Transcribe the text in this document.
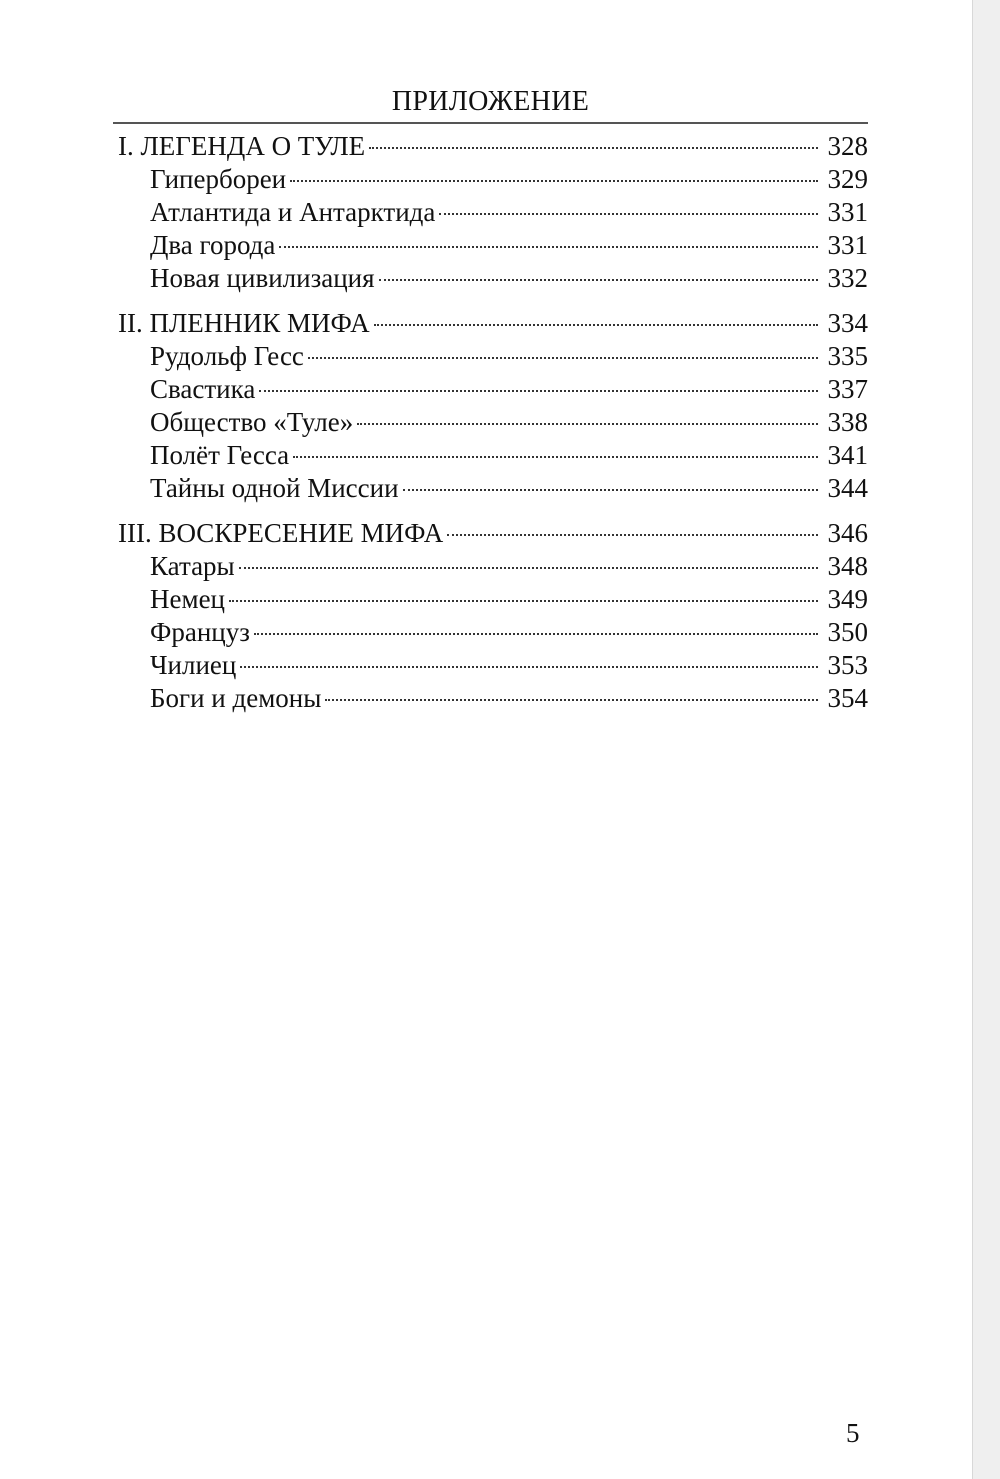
ПРИЛОЖЕНИЕ
I. ЛЕГЕНДА О ТУЛЕ	328
Гипербореи	329
Атлантида и Антарктида	331
Два города	331
Новая цивилизация	332
II. ПЛЕННИК МИФА	334
Рудольф Гесс	335
Свастика	337
Общество «Туле»	338
Полёт Гесса	341
Тайны одной Миссии	344
III. ВОСКРЕСЕНИЕ МИФА	346
Катары	348
Немец	349
Француз	350
Чилиец	353
Боги и демоны	354
5
